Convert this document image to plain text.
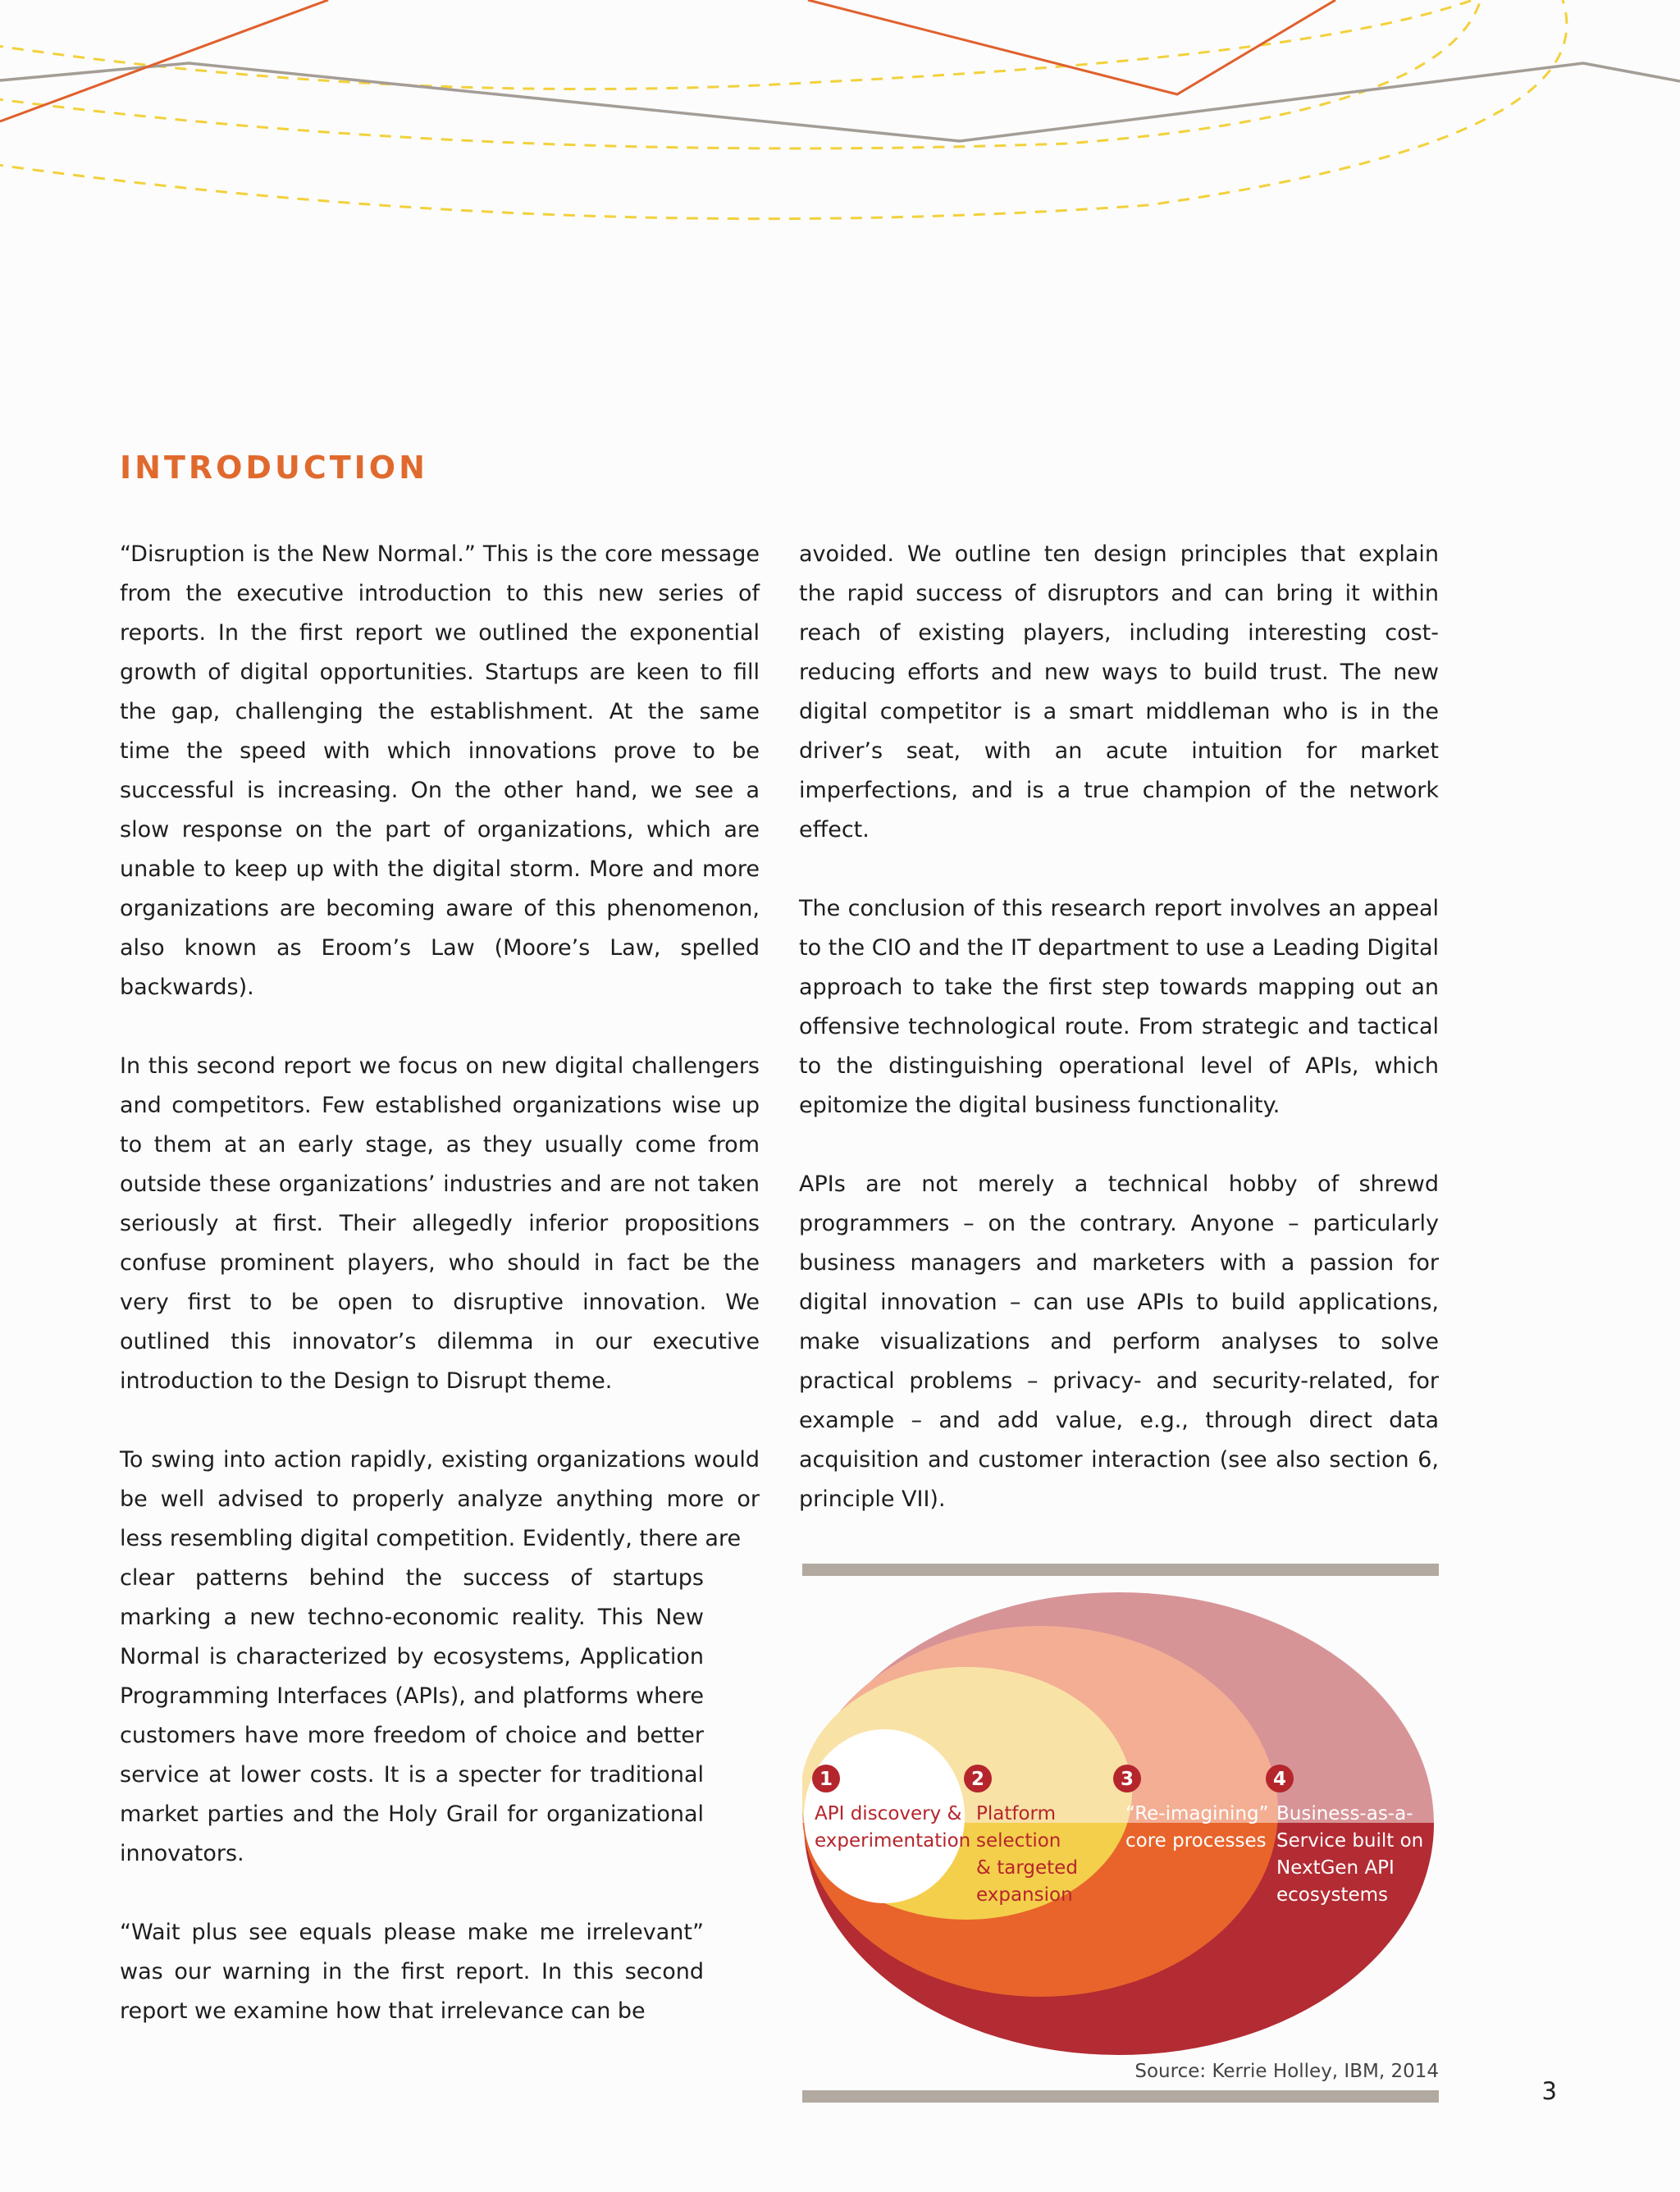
INTRODUCTION

“Disruption is the New Normal.” This is the core message from the executive introduction to this new series of reports. In the first report we outlined the exponential growth of digital opportunities. Startups are keen to fill the gap, challenging the establishment. At the same time the speed with which innovations prove to be successful is increasing. On the other hand, we see a slow response on the part of organizations, which are unable to keep up with the digital storm. More and more organizations are becoming aware of this phenomenon, also known as Eroom’s Law (Moore’s Law, spelled backwards).

In this second report we focus on new digital challengers and competitors. Few established organizations wise up to them at an early stage, as they usually come from outside these organizations’ industries and are not taken seriously at first. Their allegedly inferior propositions confuse prominent players, who should in fact be the very first to be open to disruptive innovation. We outlined this innovator’s dilemma in our executive introduction to the Design to Disrupt theme.

To swing into action rapidly, existing organizations would be well advised to properly analyze anything more or less resembling digital competition. Evidently, there are

clear patterns behind the success of startups marking a new techno-economic reality. This New Normal is characterized by ecosystems, Application Programming Interfaces (APIs), and platforms where customers have more freedom of choice and better service at lower costs. It is a specter for traditional market parties and the Holy Grail for organizational innovators.

“Wait plus see equals please make me irrelevant” was our warning in the first report. In this second report we examine how that irrelevance can be

avoided. We outline ten design principles that explain the rapid success of disruptors and can bring it within reach of existing players, including interesting cost-reducing efforts and new ways to build trust. The new digital competitor is a smart middleman who is in the driver’s seat, with an acute intuition for market imperfections, and is a true champion of the network effect.

The conclusion of this research report involves an appeal to the CIO and the IT department to use a Leading Digital approach to take the first step towards mapping out an offensive technological route. From strategic and tactical to the distinguishing operational level of APIs, which epitomize the digital business functionality.

APIs are not merely a technical hobby of shrewd programmers – on the contrary. Anyone – particularly business managers and marketers with a passion for digital innovation – can use APIs to build applications, make visualizations and perform analyses to solve practical problems – privacy- and security-related, for example – and add value, e.g., through direct data acquisition and customer interaction (see also section 6, principle VII).

1	2	3	4
API discovery &
experimentation
Platform
selection
& targeted
expansion
“Re-imagining”
core processes
Business-as-a-
Service built on
NextGen API
ecosystems
Source: Kerrie Holley, IBM, 2014
3
